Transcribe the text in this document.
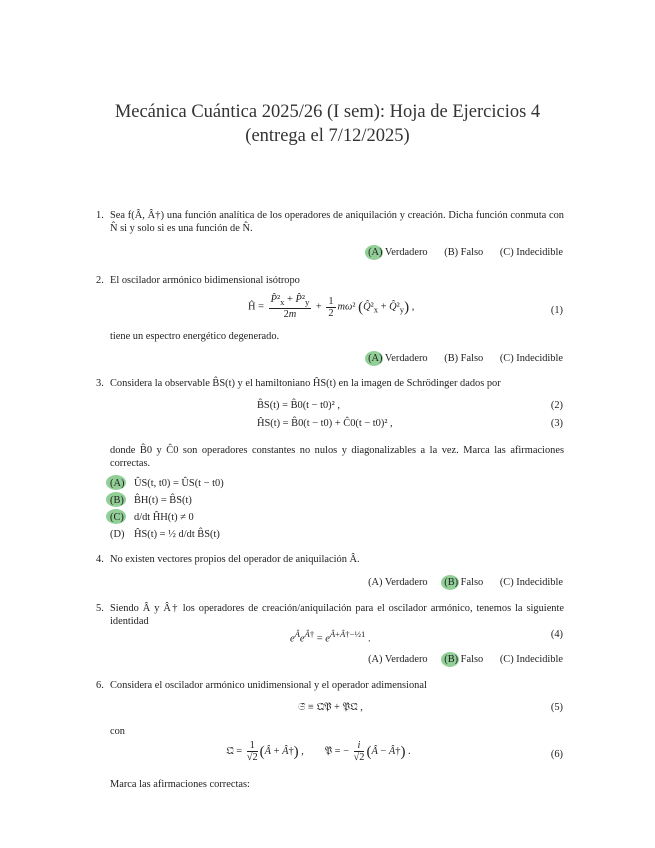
Mecánica Cuántica 2025/26 (I sem): Hoja de Ejercicios 4
(entrega el 7/12/2025)
1. Sea f(Â, Â†) una función analítica de los operadores de aniquilación y creación. Dicha función conmuta con N̂ si y solo si es una función de N̂.
(A) Verdadero (B) Falso (C) Indecidible
2. El oscilador armónico bidimensional isótropo
Ĥ = $\frac{P̂^2_x + P̂^2_y}{2m} + \frac{1}{2} m\omega^2$ ($Q̂^2_x$ + $Q̂^2_y$) ,	(1)
tiene un espectro energético degenerado.
(A) Verdadero (B) Falso (C) Indecidible
3. Considera la observable B̂S(t) y el hamiltoniano ĤS(t) en la imagen de Schrödinger dados por
B̂S(t) = B̂0(t − t0)² ,	(2)
ĤS(t) = B̂0(t − t0) + Ĉ0(t − t0)² ,	(3)
donde B̂0 y Ĉ0 son operadores constantes no nulos y diagonalizables a la vez. Marca las afirmaciones correctas.
(A) ÛS(t, t0) = ÛS(t − t0)
(B) B̂H(t) = B̂S(t)
(C) d/dt ĤH(t) ≠ 0
(D) ĤS(t) = ½ d/dt B̂S(t)
4. No existen vectores propios del operador de aniquilación Â.
(A) Verdadero (B) Falso (C) Indecidible
5. Siendo Â y Â† los operadores de creación/aniquilación para el oscilador armónico, tenemos la siguiente identidad
$e^Âe^{Â\dagger} = e^{Â+Â\dagger-\frac{1}{2}1}$ .	(4)
(A) Verdadero (B) Falso (C) Indecidible
6. Considera el oscilador armónico unidimensional y el operador adimensional
𝔖̂ ≡ 𝔔̂𝔓̂ + 𝔓̂𝔔̂ ,	(5)
con
𝔔̂ = $\frac{1}{√2}$ (Â + Â†) ,        𝔓̂ = − $\frac{i}{√2}$ (Â − Â†) .	(6)
Marca las afirmaciones correctas:
